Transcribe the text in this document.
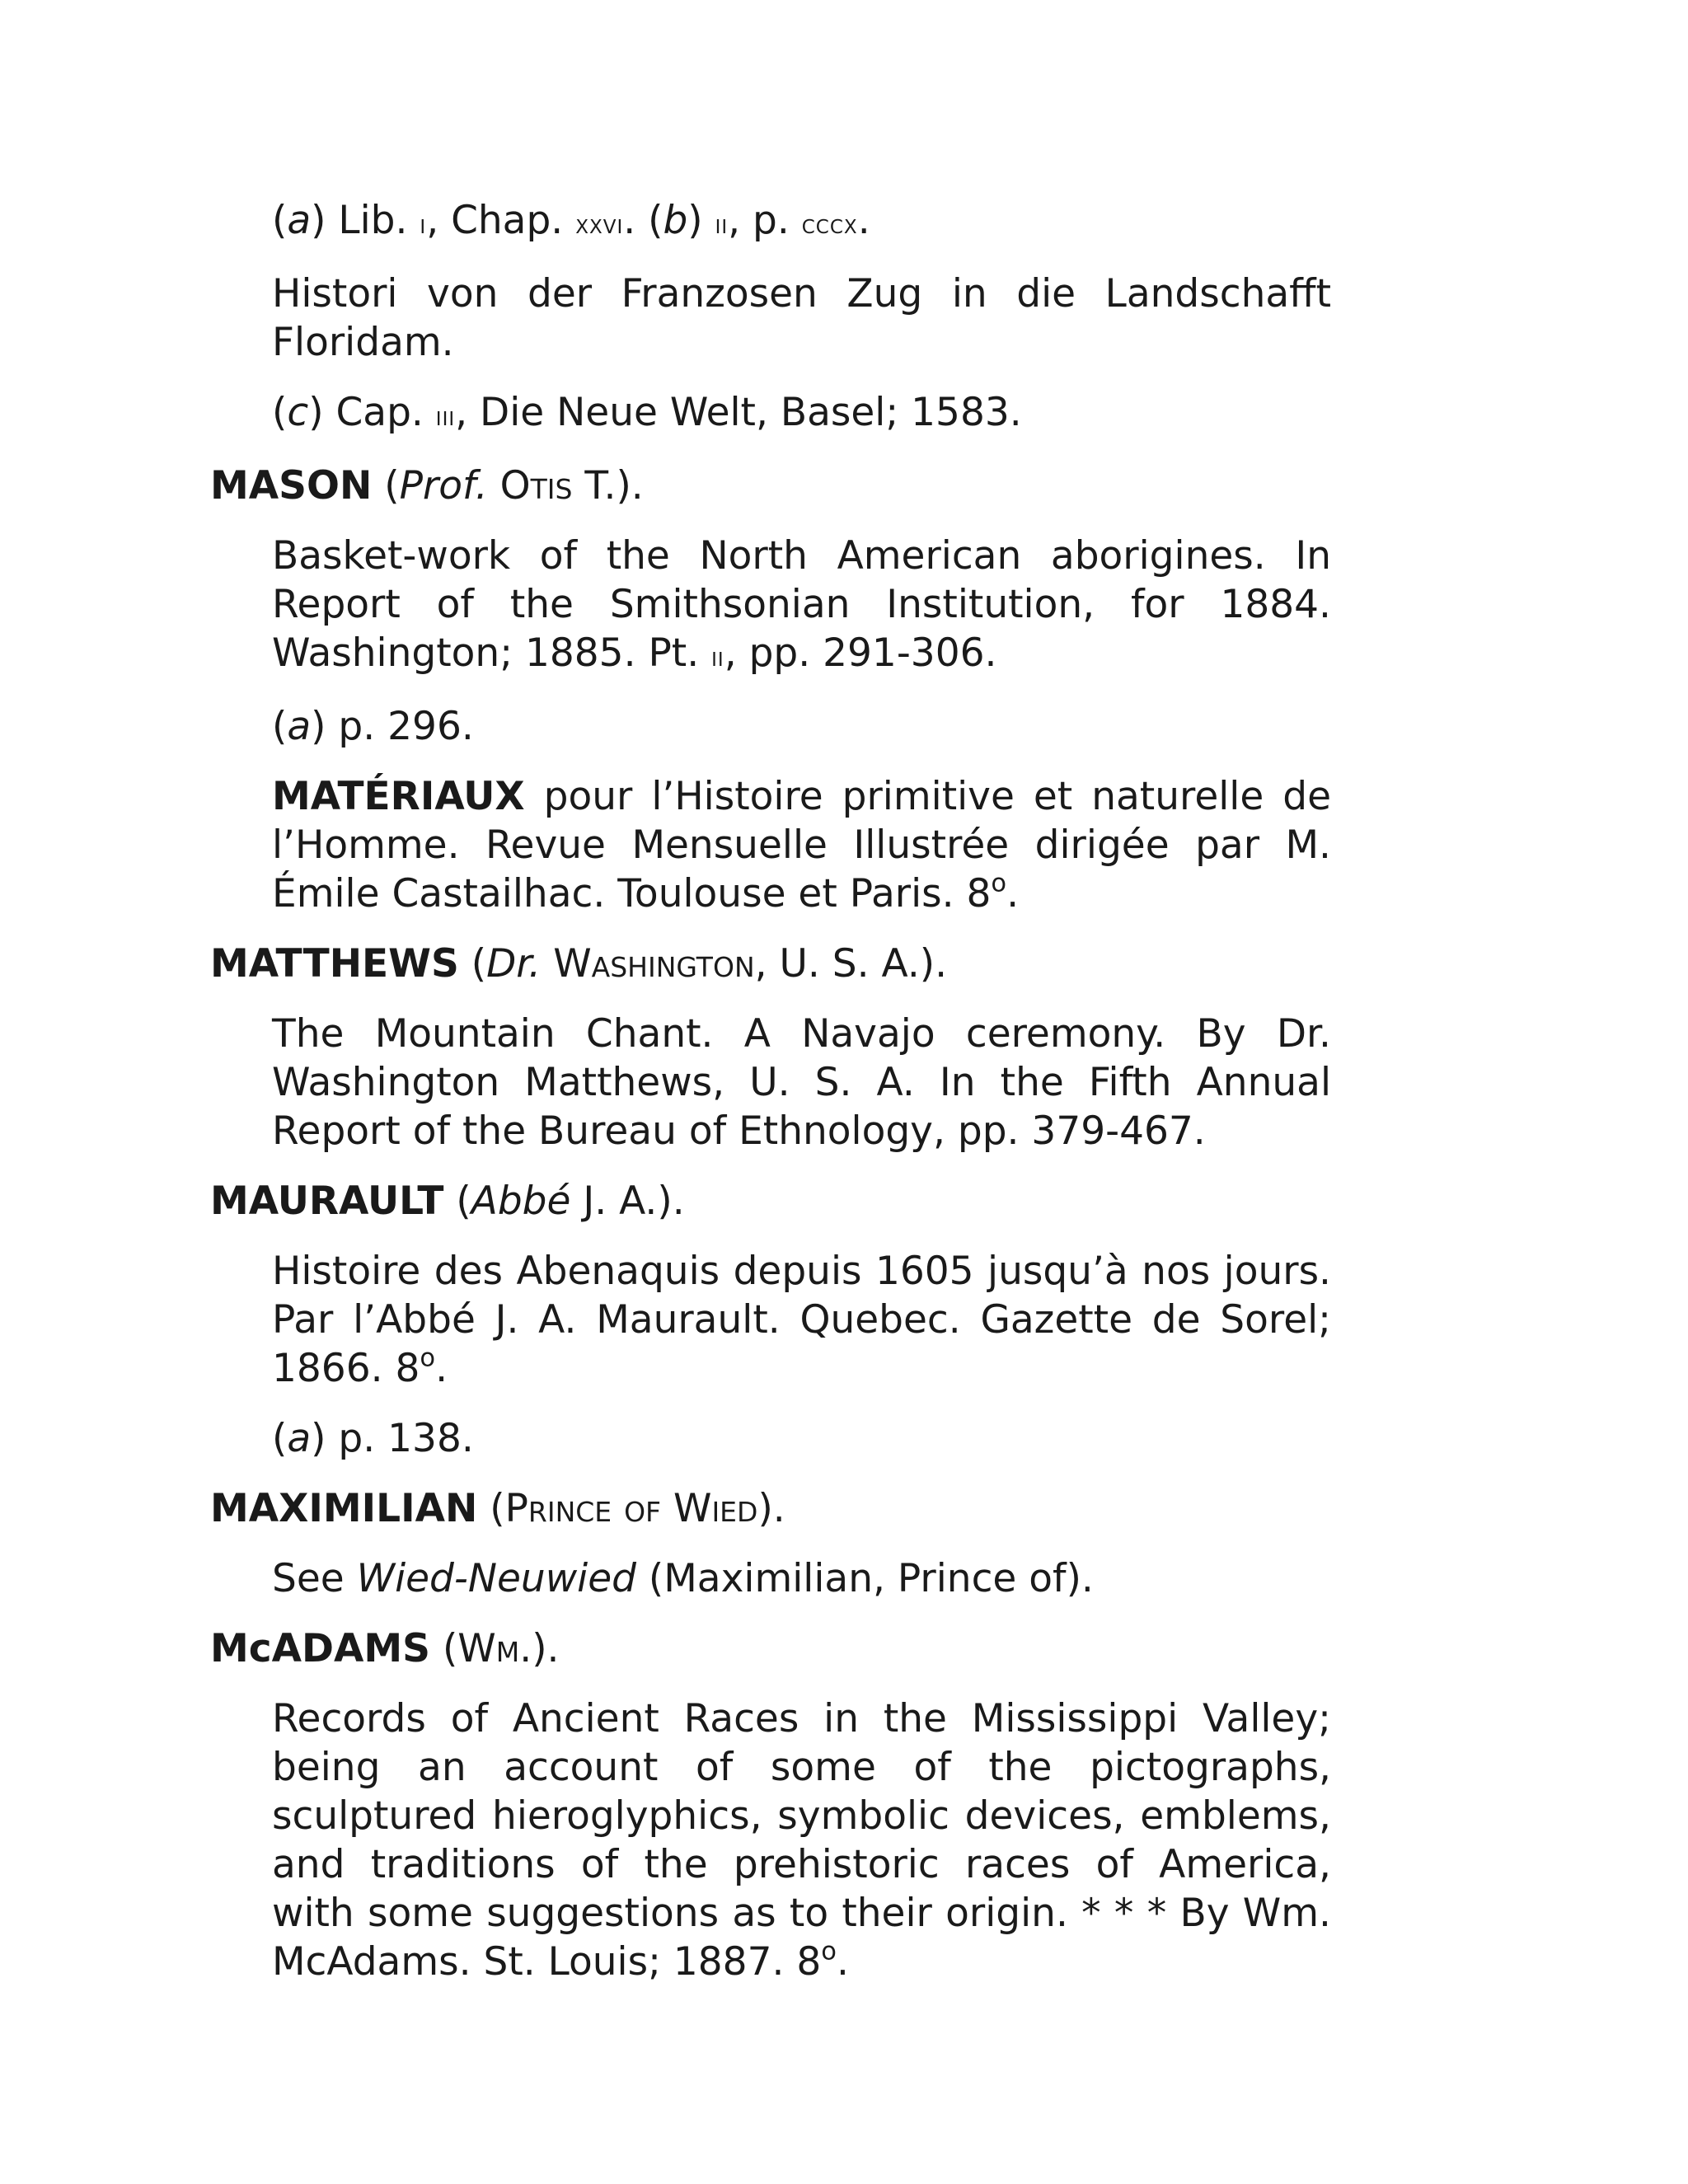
(a) Lib. i, Chap. xxvi. (b) ii, p. cccx.

Histori von der Franzosen Zug in die Landschafft Floridam.

(c) Cap. iii, Die Neue Welt, Basel; 1583.

MASON (Prof. Otis T.).

Basket-work of the North American aborigines. In Report of the Smithsonian Institution, for 1884. Washington; 1885. Pt. ii, pp. 291-306.

(a) p. 296.

MATÉRIAUX pour l’Histoire primitive et naturelle de l’Homme. Revue Mensuelle Illustrée dirigée par M. Émile Castailhac. Toulouse et Paris. 8$^o$.

MATTHEWS (Dr. Washington, U. S. A.).

The Mountain Chant. A Navajo ceremony. By Dr. Washington Matthews, U. S. A. In the Fifth Annual Report of the Bureau of Ethnology, pp. 379-467.

MAURAULT (Abbé J. A.).

Histoire des Abenaquis depuis 1605 jusqu’à nos jours. Par l’Abbé J. A. Maurault. Quebec. Gazette de Sorel; 1866. 8$^o$.

(a) p. 138.

MAXIMILIAN (Prince of Wied).

See Wied-Neuwied (Maximilian, Prince of).

McADAMS (Wm.).

Records of Ancient Races in the Mississippi Valley; being an account of some of the pictographs, sculptured hieroglyphics, symbolic devices, emblems, and traditions of the prehistoric races of America, with some suggestions as to their origin. * * * By Wm. McAdams. St. Louis; 1887. 8$^o$.
